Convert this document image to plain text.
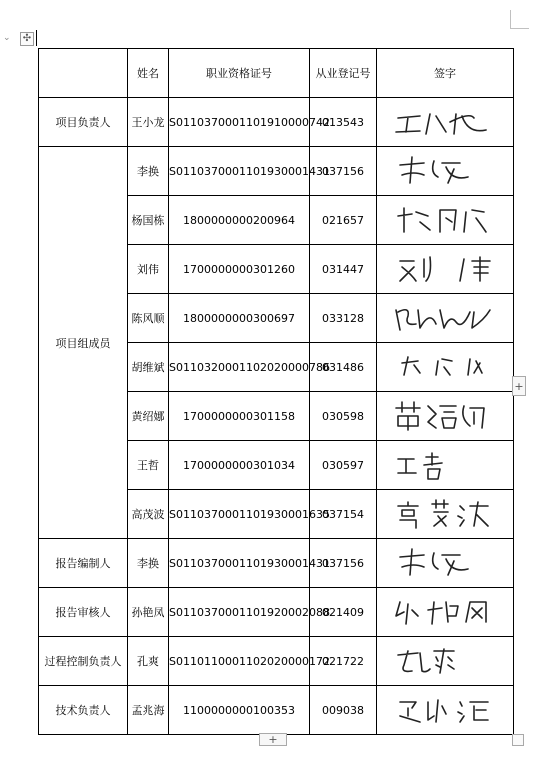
⌄ ✣
	姓名	职业资格证号	从业登记号	签字
项目负责人	王小龙	S0110370001101910000742	013543	

项目组成员	李换	S0110370001101930001431	037156	

	杨国栋	1800000000200964	021657	

	刘伟	1700000000301260	031447	

	陈风顺	1800000000300697	033128	

	胡维斌	S0110320001102020000786	031486	

	黄绍娜	1700000000301158	030598	

	王哲	1700000000301034	030597	

	高茂波	S0110370001101930001635	037154	

报告编制人	李换	S0110370001101930001431	037156	

报告审核人	孙艳凤	S0110370001101920002088	021409	

过程控制负责人	孔爽	S0110110001102020000172	021722	

技术负责人	孟兆海	1100000000100353	009038	
+
+
